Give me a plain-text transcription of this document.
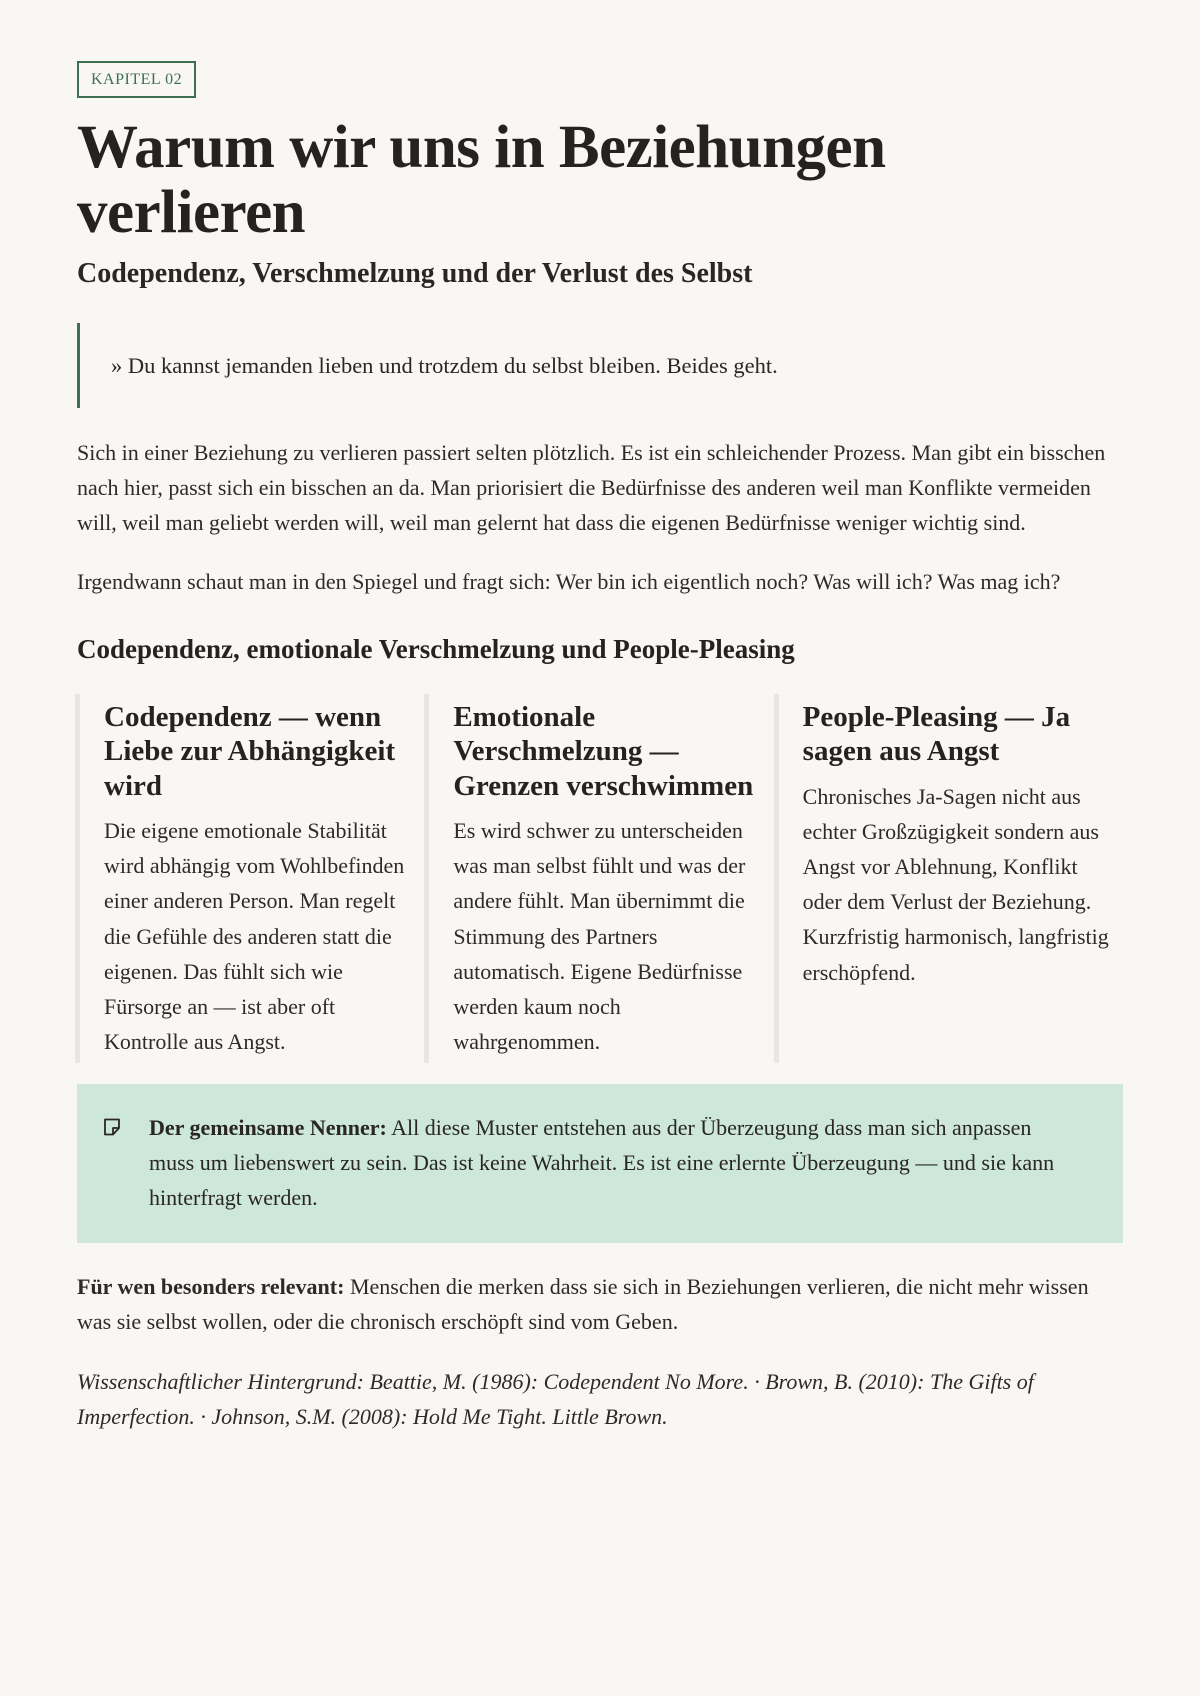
KAPITEL 02
Warum wir uns in Beziehungen verlieren
Codependenz, Verschmelzung und der Verlust des Selbst
» Du kannst jemanden lieben und trotzdem du selbst bleiben. Beides geht.

Sich in einer Beziehung zu verlieren passiert selten plötzlich. Es ist ein schleichender Prozess. Man gibt ein bisschen nach hier, passt sich ein bisschen an da. Man priorisiert die Bedürfnisse des anderen weil man Konflikte vermeiden will, weil man geliebt werden will, weil man gelernt hat dass die eigenen Bedürfnisse weniger wichtig sind.

Irgendwann schaut man in den Spiegel und fragt sich: Wer bin ich eigentlich noch? Was will ich? Was mag ich?

Codependenz, emotionale Verschmelzung und People-Pleasing
Codependenz — wenn Liebe zur Abhängigkeit wird

Die eigene emotionale Stabilität wird abhängig vom Wohlbefinden einer anderen Person. Man regelt die Gefühle des anderen statt die eigenen. Das fühlt sich wie Fürsorge an — ist aber oft Kontrolle aus Angst.

Emotionale Verschmelzung — Grenzen verschwimmen

Es wird schwer zu unterscheiden was man selbst fühlt und was der andere fühlt. Man übernimmt die Stimmung des Partners automatisch. Eigene Bedürfnisse werden kaum noch wahrgenommen.

People-Pleasing — Ja sagen aus Angst

Chronisches Ja-Sagen nicht aus echter Großzügigkeit sondern aus Angst vor Ablehnung, Konflikt oder dem Verlust der Beziehung. Kurzfristig harmonisch, langfristig erschöpfend.

Der gemeinsame Nenner: All diese Muster entstehen aus der Überzeugung dass man sich anpassen muss um liebenswert zu sein. Das ist keine Wahrheit. Es ist eine erlernte Überzeugung — und sie kann hinterfragt werden.

Für wen besonders relevant: Menschen die merken dass sie sich in Beziehungen verlieren, die nicht mehr wissen was sie selbst wollen, oder die chronisch erschöpft sind vom Geben.

Wissenschaftlicher Hintergrund: Beattie, M. (1986): Codependent No More. · Brown, B. (2010): The Gifts of Imperfection. · Johnson, S.M. (2008): Hold Me Tight. Little Brown.
